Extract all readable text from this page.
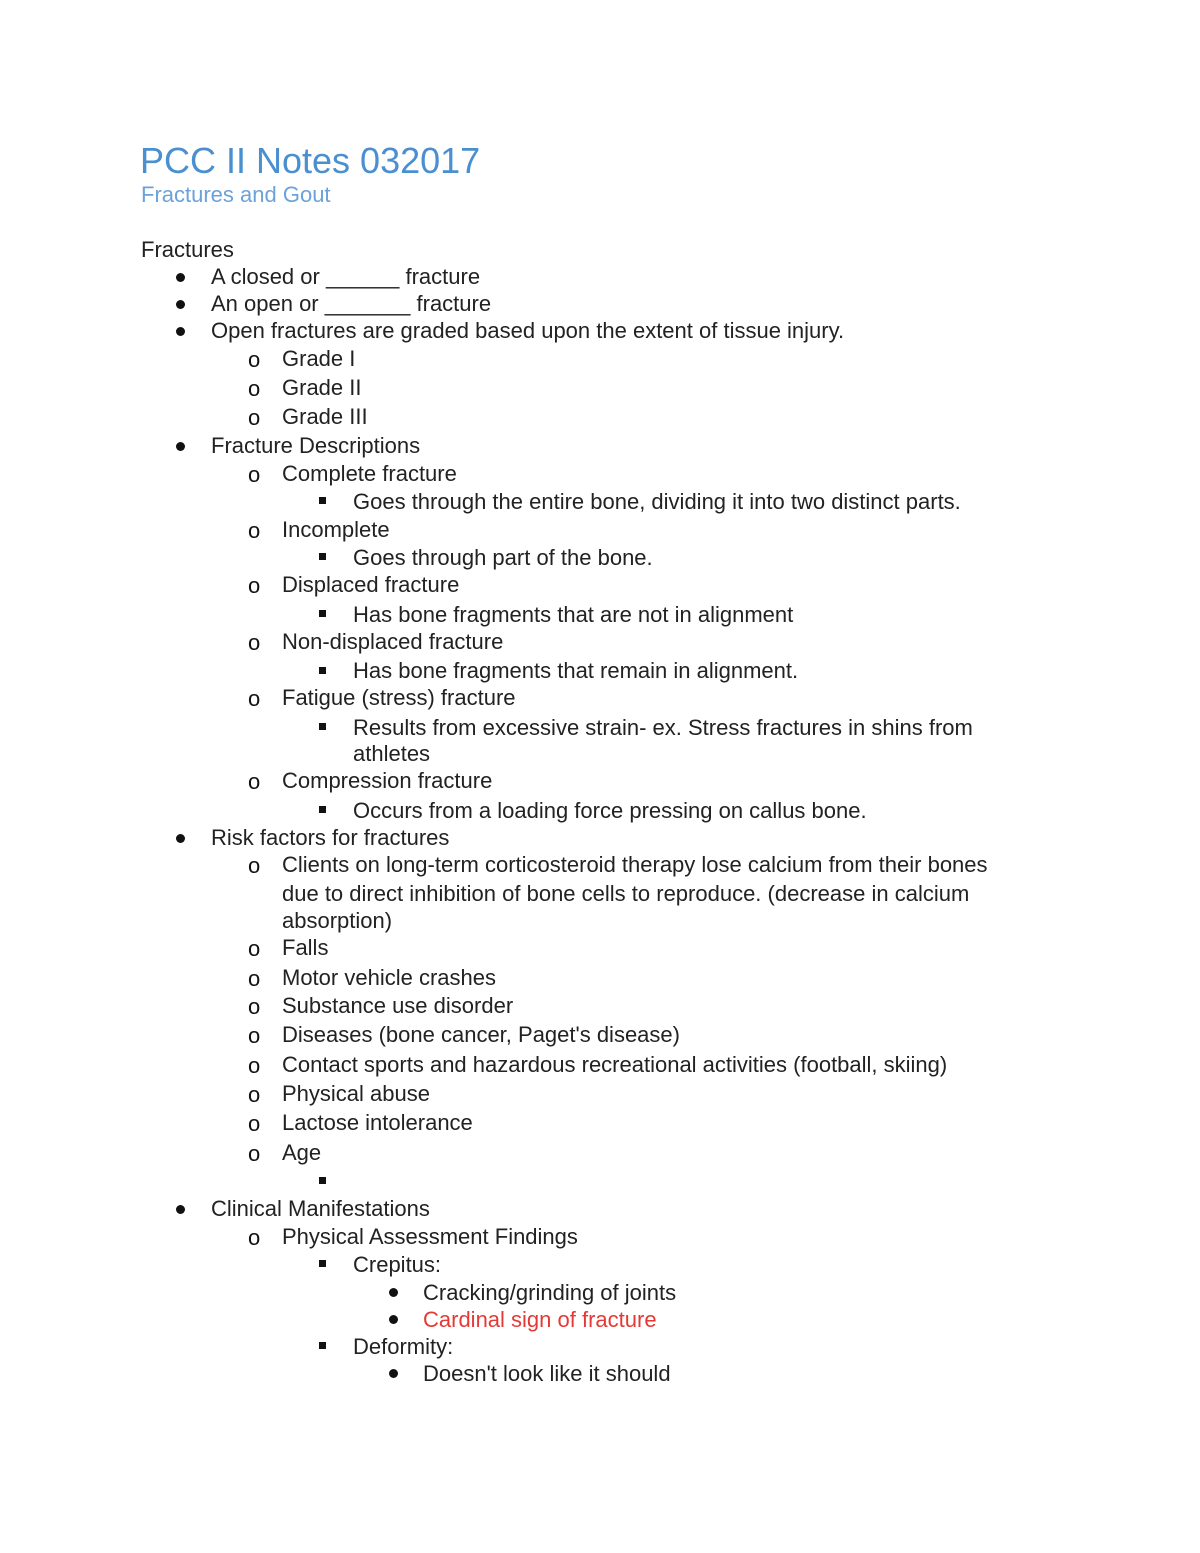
PCC II Notes 032017
Fractures and Gout
Fractures
A closed or ______ fracture
An open or _______ fracture
Open fractures are graded based upon the extent of tissue injury.
o Grade I
o Grade II
o Grade III
Fracture Descriptions
o Complete fracture
Goes through the entire bone, dividing it into two distinct parts.
o Incomplete
Goes through part of the bone.
o Displaced fracture
Has bone fragments that are not in alignment
o Non-displaced fracture
Has bone fragments that remain in alignment.
o Fatigue (stress) fracture
Results from excessive strain- ex. Stress fractures in shins from
athletes
o Compression fracture
Occurs from a loading force pressing on callus bone.
Risk factors for fractures
o Clients on long-term corticosteroid therapy lose calcium from their bones
due to direct inhibition of bone cells to reproduce. (decrease in calcium
absorption)
o Falls
o Motor vehicle crashes
o Substance use disorder
o Diseases (bone cancer, Paget's disease)
o Contact sports and hazardous recreational activities (football, skiing)
o Physical abuse
o Lactose intolerance
o Age
Clinical Manifestations
o Physical Assessment Findings
Crepitus:
Cracking/grinding of joints
Cardinal sign of fracture
Deformity:
Doesn't look like it should
